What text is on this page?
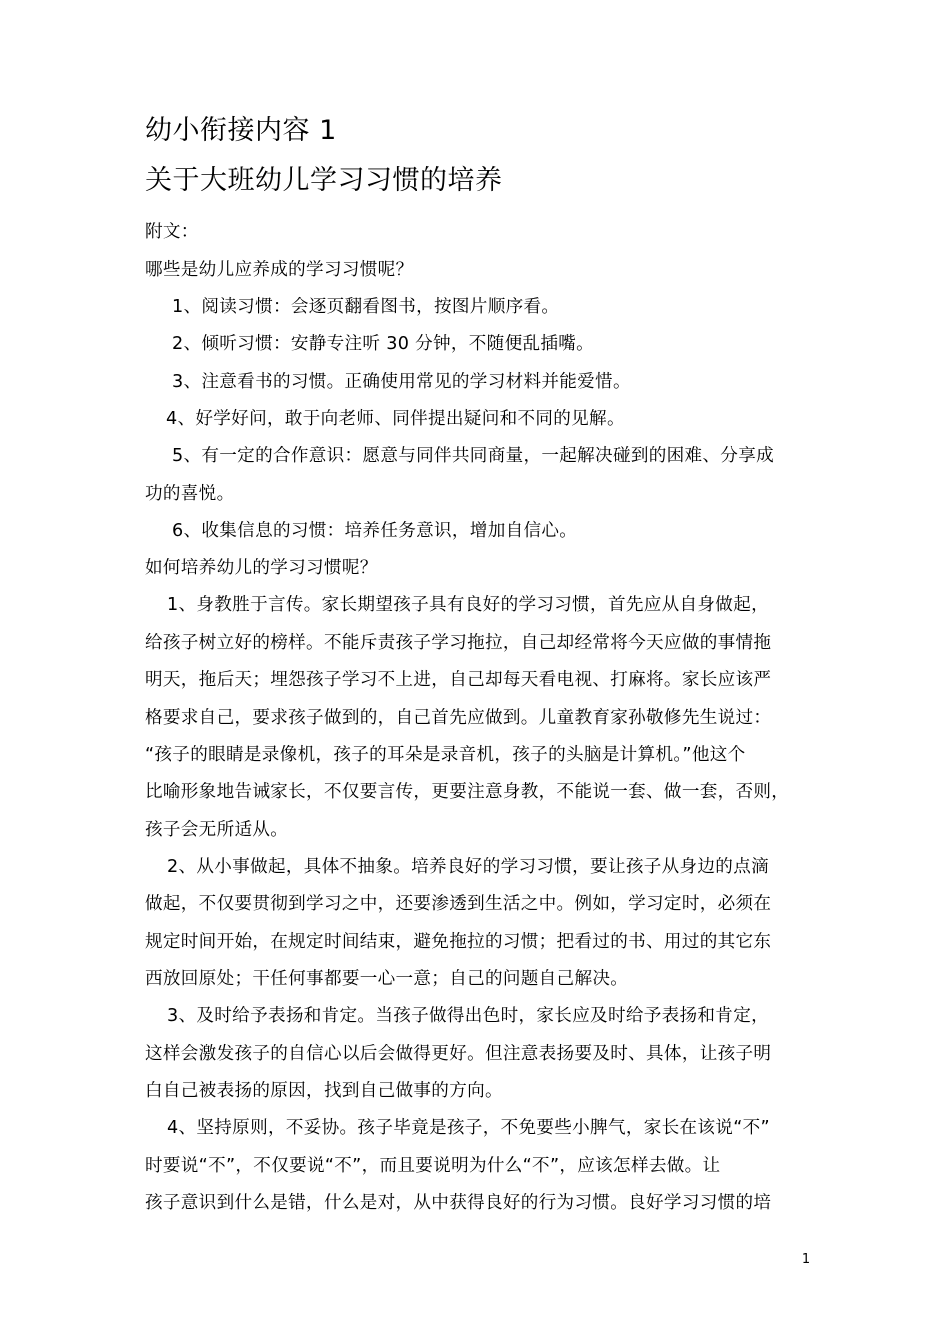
幼小衔接内容 1
关于大班幼儿学习习惯的培养
附文：
哪些是幼儿应养成的学习习惯呢？
1、阅读习惯：会逐页翻看图书，按图片顺序看。
2、倾听习惯：安静专注听 30 分钟，不随便乱插嘴。
3、注意看书的习惯。正确使用常见的学习材料并能爱惜。
4、好学好问，敢于向老师、同伴提出疑问和不同的见解。
5、有一定的合作意识：愿意与同伴共同商量，一起解决碰到的困难、分享成
功的喜悦。
6、收集信息的习惯：培养任务意识，增加自信心。
如何培养幼儿的学习习惯呢？
1、身教胜于言传。家长期望孩子具有良好的学习习惯，首先应从自身做起，
给孩子树立好的榜样。不能斥责孩子学习拖拉，自己却经常将今天应做的事情拖
明天，拖后天；埋怨孩子学习不上进，自己却每天看电视、打麻将。家长应该严
格要求自己，要求孩子做到的，自己首先应做到。儿童教育家孙敬修先生说过：
“孩子的眼睛是录像机，孩子的耳朵是录音机，孩子的头脑是计算机。”他这个
比喻形象地告诫家长，不仅要言传，更要注意身教，不能说一套、做一套，否则，
孩子会无所适从。
2、从小事做起，具体不抽象。培养良好的学习习惯，要让孩子从身边的点滴
做起，不仅要贯彻到学习之中，还要渗透到生活之中。例如，学习定时，必须在
规定时间开始，在规定时间结束，避免拖拉的习惯；把看过的书、用过的其它东
西放回原处；干任何事都要一心一意；自己的问题自己解决。
3、及时给予表扬和肯定。当孩子做得出色时，家长应及时给予表扬和肯定，
这样会激发孩子的自信心以后会做得更好。但注意表扬要及时、具体，让孩子明
白自己被表扬的原因，找到自己做事的方向。
4、坚持原则，不妥协。孩子毕竟是孩子，不免要些小脾气，家长在该说“不”
时要说“不”，不仅要说“不”，而且要说明为什么“不”，应该怎样去做。让
孩子意识到什么是错，什么是对，从中获得良好的行为习惯。良好学习习惯的培
1
